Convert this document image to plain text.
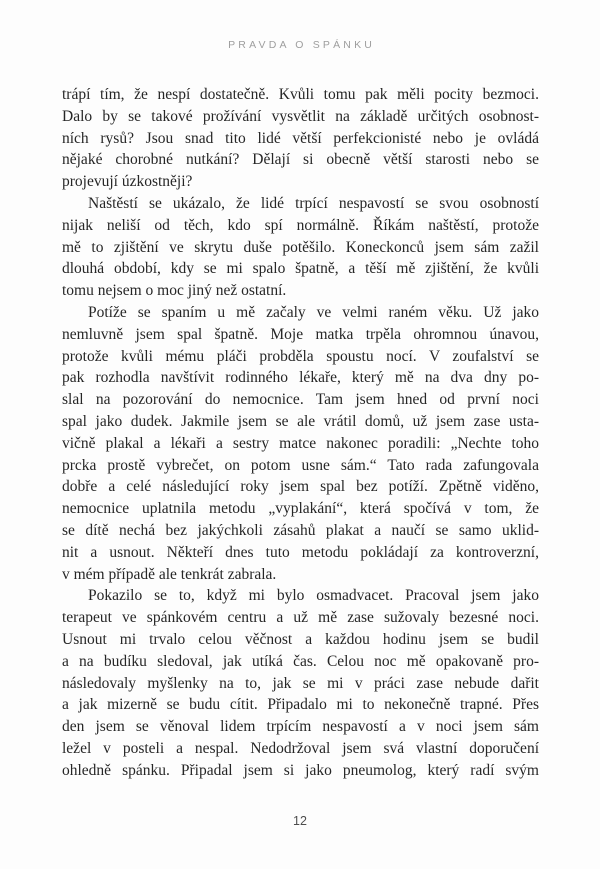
PRAVDA O SPÁNKU
trápí tím, že nespí dostatečně. Kvůli tomu pak měli pocity bezmoci.
Dalo by se takové prožívání vysvětlit na základě určitých osobnost-
ních rysů? Jsou snad tito lidé větší perfekcionisté nebo je ovládá
nějaké chorobné nutkání? Dělají si obecně větší starosti nebo se
projevují úzkostněji?
Naštěstí se ukázalo, že lidé trpící nespavostí se svou osobností
nijak neliší od těch, kdo spí normálně. Říkám naštěstí, protože
mě to zjištění ve skrytu duše potěšilo. Koneckonců jsem sám zažil
dlouhá období, kdy se mi spalo špatně, a těší mě zjištění, že kvůli
tomu nejsem o moc jiný než ostatní.
Potíže se spaním u mě začaly ve velmi raném věku. Už jako
nemluvně jsem spal špatně. Moje matka trpěla ohromnou únavou,
protože kvůli mému pláči probděla spoustu nocí. V zoufalství se
pak rozhodla navštívit rodinného lékaře, který mě na dva dny po-
slal na pozorování do nemocnice. Tam jsem hned od první noci
spal jako dudek. Jakmile jsem se ale vrátil domů, už jsem zase usta-
vičně plakal a lékaři a sestry matce nakonec poradili: „Nechte toho
prcka prostě vybrečet, on potom usne sám.“ Tato rada zafungovala
dobře a celé následující roky jsem spal bez potíží. Zpětně viděno,
nemocnice uplatnila metodu „vyplakání“, která spočívá v tom, že
se dítě nechá bez jakýchkoli zásahů plakat a naučí se samo uklid-
nit a usnout. Někteří dnes tuto metodu pokládají za kontroverzní,
v mém případě ale tenkrát zabrala.
Pokazilo se to, když mi bylo osmadvacet. Pracoval jsem jako
terapeut ve spánkovém centru a už mě zase sužovaly bezesné noci.
Usnout mi trvalo celou věčnost a každou hodinu jsem se budil
a na budíku sledoval, jak utíká čas. Celou noc mě opakovaně pro-
následovaly myšlenky na to, jak se mi v práci zase nebude dařit
a jak mizerně se budu cítit. Připadalo mi to nekonečně trapné. Přes
den jsem se věnoval lidem trpícím nespavostí a v noci jsem sám
ležel v posteli a nespal. Nedodržoval jsem svá vlastní doporučení
ohledně spánku. Připadal jsem si jako pneumolog, který radí svým
12
